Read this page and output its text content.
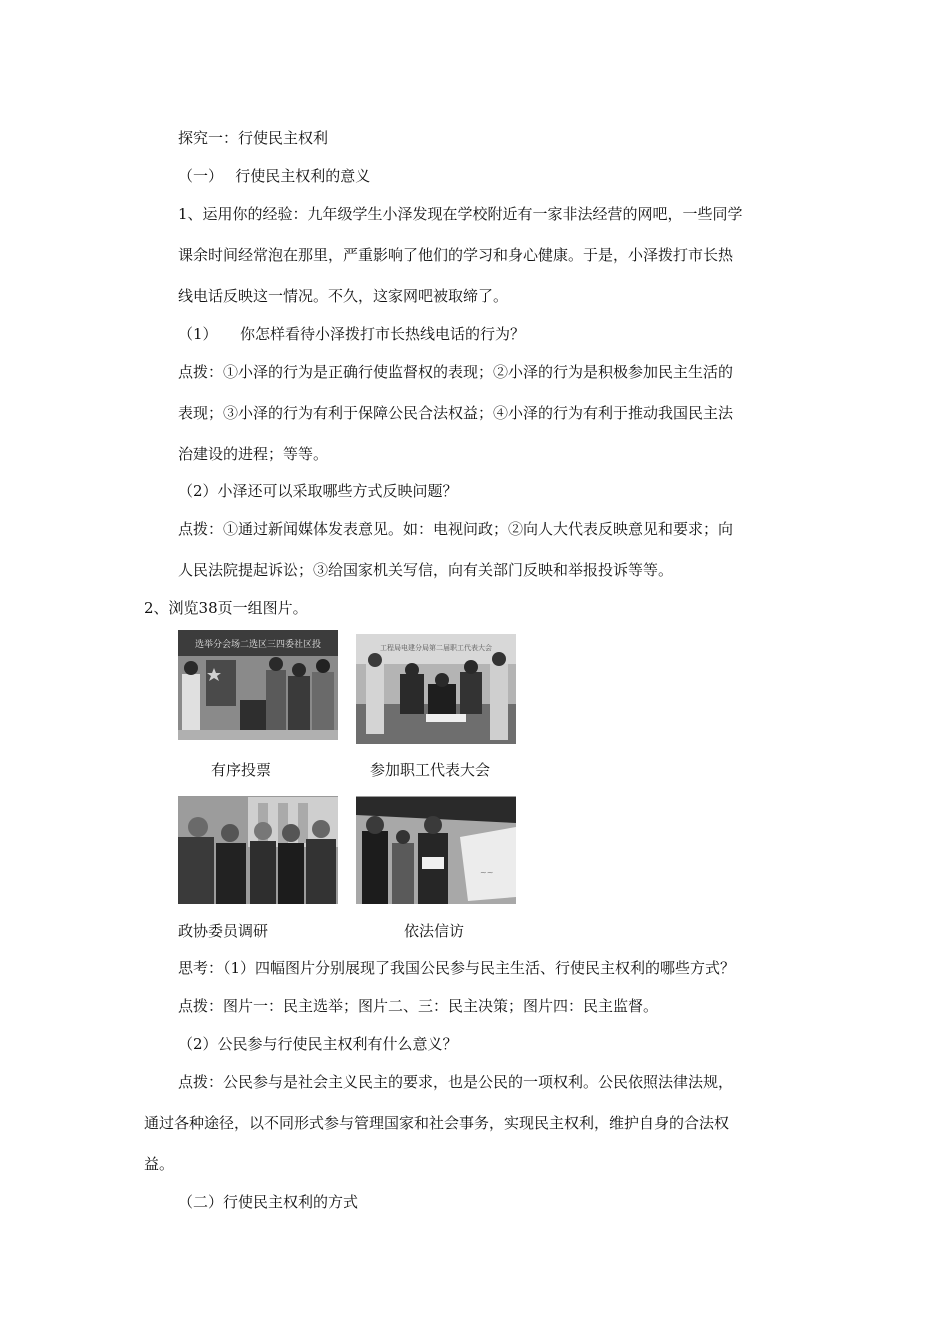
探究一：行使民主权利
（一）　 行使民主权利的意义
1、运用你的经验：九年级学生小泽发现在学校附近有一家非法经营的网吧，一些同学
课余时间经常泡在那里，严重影响了他们的学习和身心健康。于是，小泽拨打市长热
线电话反映这一情况。不久，这家网吧被取缔了。
（1）　　你怎样看待小泽拨打市长热线电话的行为？
点拨：①小泽的行为是正确行使监督权的表现；②小泽的行为是积极参加民主生活的
表现；③小泽的行为有利于保障公民合法权益；④小泽的行为有利于推动我国民主法
治建设的进程；等等。
（2）小泽还可以采取哪些方式反映问题？
点拨：①通过新闻媒体发表意见。如：电视问政；②向人大代表反映意见和要求；向
人民法院提起诉讼；③给国家机关写信，向有关部门反映和举报投诉等等。
2、浏览38页一组图片。
选举分会场二选区三四委社区投	工程局电建分局第二届职工代表大会
有序投票	参加职工代表大会
~~
政协委员调研	依法信访
思考：（1）四幅图片分别展现了我国公民参与民主生活、行使民主权利的哪些方式？
点拨：图片一：民主选举；图片二、三：民主决策；图片四：民主监督。
（2）公民参与行使民主权利有什么意义？
点拨：公民参与是社会主义民主的要求，也是公民的一项权利。公民依照法律法规，
通过各种途径，以不同形式参与管理国家和社会事务，实现民主权利，维护自身的合法权
益。
（二）行使民主权利的方式
